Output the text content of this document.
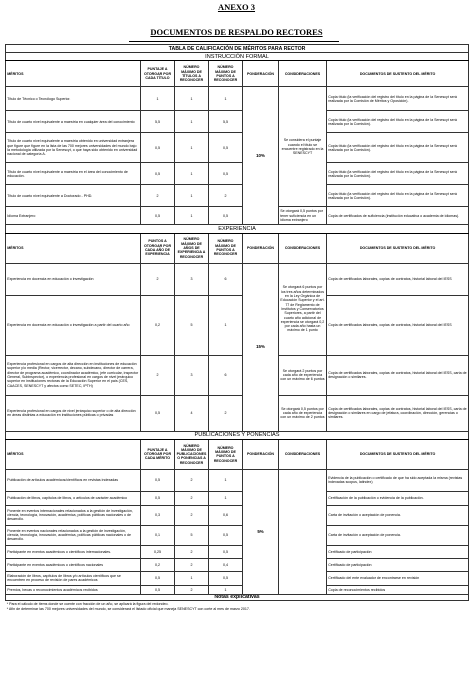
ANEXO 3
DOCUMENTOS DE RESPALDO RECTORES
TABLA DE CALIFICACIÓN DE MÉRITOS PARA RECTOR						
INSTRUCCIÓN FORMAL						
MÉRITOS	PUNTAJE A OTORGAR POR CADA TÍTULO	NÚMERO MÁXIMO DE TÍTULOS A RECONOCER	NÚMERO MÁXIMO DE PUNTOS A RECONOCER	PONDERACIÓN	CONSIDERACIONES	DOCUMENTOS DE SUSTENTO DEL MÉRITO
Título de Técnico o Tecnólogo Superior.	1	1	1	10%	Se considera el puntaje cuando el título se encuentre registrado en la SENESCYT	Copia título (la verificación del registro del título en la página de la Senescyt será realizada por la Comisión de Méritos y Oposición).
Título de cuarto nivel equivalente a maestría en cualquier área del conocimiento	5,5	1	5,5			Copia título (la verificación del registro del título en la página de la Senescyt será realizada por la Comisión).
Título de cuarto nivel equivalente a maestría obtenido en universidad extranjera que figure que figure en la lista de las 700 mejores universidades del mundo bajo la metodología utilizada por la Senescyt, o que haya sido obtenido en universidad nacional de categoría A.	0,5	1	0,5			Copia título (la verificación del registro del título en la página de la Senescyt será realizada por la Comisión).
Título de cuarto nivel equivalente a maestría en el área del conocimiento de educación.	0,5	1	0,5			Copia título (la verificación del registro del título en la página de la Senescyt será realizada por la Comisión).
Título de cuarto nivel equivalente a Doctorado - PHD.	2	1	2			Copia título (la verificación del registro del título en la página de la Senescyt será realizada por la Comisión).
Idioma Extranjero	0,5	1	0,5		Se otorgará 0,5 puntos por tener suficiencia en un idioma extranjero	Copia de certificados de suficiencia (institución educativa o academia de idiomas).
EXPERIENCIA						
MÉRITOS	PUNTOS A OTORGAR POR CADA AÑO DE EXPERIENCIA	NÚMERO MÁXIMO DE AÑOS DE EXPERIENCIA A RECONOCER	NÚMERO MÁXIMO DE PUNTOS A RECONOCER	PONDERACIÓN	CONSIDERACIONES	DOCUMENTOS DE SUSTENTO DEL MÉRITO
Experiencia en docencia en educación o investigación	2	3	6	15%	Se otorgará 6 puntos por los tres años determinados en la Ley Orgánica de Educación Superior y el art. 77 de Reglamento de Institutos y Conservatorios Superiores, a partir del cuarto año adicional de experiencia se otorgará 0,2 por cada año hasta un máximo de 1 punto	Copia de certificados laborales, copias de contratos, historial laboral del IESS
Experiencia en docencia en educación o investigación a partir del cuarto año	0,2	5	1			Copia de certificados laborales, copias de contratos, historial laboral del IESS
Experiencia profesional en cargos de alta dirección en instituciones de educación superior y/o media (Rector, vicerrector, decano, subdecano, director de carrera, director de programa académico, coordinador académico, jefe curricular, inspector General, Subinspector), o experiencia profesional en cargos de nivel jerárquico superior en instituciones rectoras de la Educación Superior en el país (CES, CAACES, SENESCYT y afectos como SETEC, IPTH)	2	3	6		Se otorgará 2 puntos por cada año de experiencia con un máximo de 6 puntos	Copia de certificados laborales, copias de contratos, historial laboral del IESS, carta de designación o similares.
Experiencia profesional en cargos de nivel jerárquico superior o de alta dirección en áreas distintas a educación en instituciones públicas o privadas	0,5	4	2		Se otorgará 0,5 puntos por cada año de experiencia con un máximo de 2 puntos	Copia de certificados laborales, copias de contratos, historial laboral del IESS, carta de designación o similares en cargo de jefatura, coordinación, dirección, gerencias o similares.
PUBLICACIONES Y PONENCIAS						
MÉRITOS	PUNTAJE A OTORGAR POR CADA MÉRITO	NÚMERO MÁXIMO DE PUBLICACIONES O PONENCIAS A RECONOCER	NÚMERO MÁXIMO DE PUNTOS A RECONOCER	PONDERACIÓN	CONSIDERACIONES	DOCUMENTOS DE SUSTENTO DEL MÉRITO
Publicación de artículos académicos/científicos en revistas indexadas	0,5	2	1	5%		Evidencia de la publicación o certificado de que ha sido aceptada la misma (revistas indexadas scopus, latindex)
Publicación de libros, capítulos de libros, o artículos de carácter académico	0,5	2	1			Certificación de la publicación o evidencia de la publicación.
Ponente en eventos internacionales relacionados a la gestión de investigación, ciencia, tecnología, innovación, académica, políticas públicas nacionales o de desarrollo.	0,3	2	0,6			Carta de invitación o aceptación de ponencia.
Ponente en eventos nacionales relacionados a la gestión de investigación, ciencia, tecnología, innovación, académica, políticas públicas nacionales o de desarrollo.	0,1	5	0,5			Carta de invitación o aceptación de ponencia.
Participante en eventos académicos o científicos internacionales.	0,25	2	0,5			Certificado de participación
Participante en eventos académicos o científicos nacionales	0,2	2	0,4			Certificado de participación
Elaboración de libros, capítulos de libros y/o artículos científicos que se encuentren en proceso de revisión de pares académicos	0,5	1	0,5			Certificado del ente evaluador de encontrarse en revisión
Premios, becas o reconocimientos académicos recibidos	0,5	2	1			Copia de reconocimientos recibidos
Notas explicativas						
* Para el cálculo de ítems donde se cuente con fracción de un año, se aplicará la figura del redondeo.						
* Afin de determinar las 700 mejores universidades del mundo, se considerará el listado oficial que maneja SENESCYT con corte al mes de marzo 2017.						
